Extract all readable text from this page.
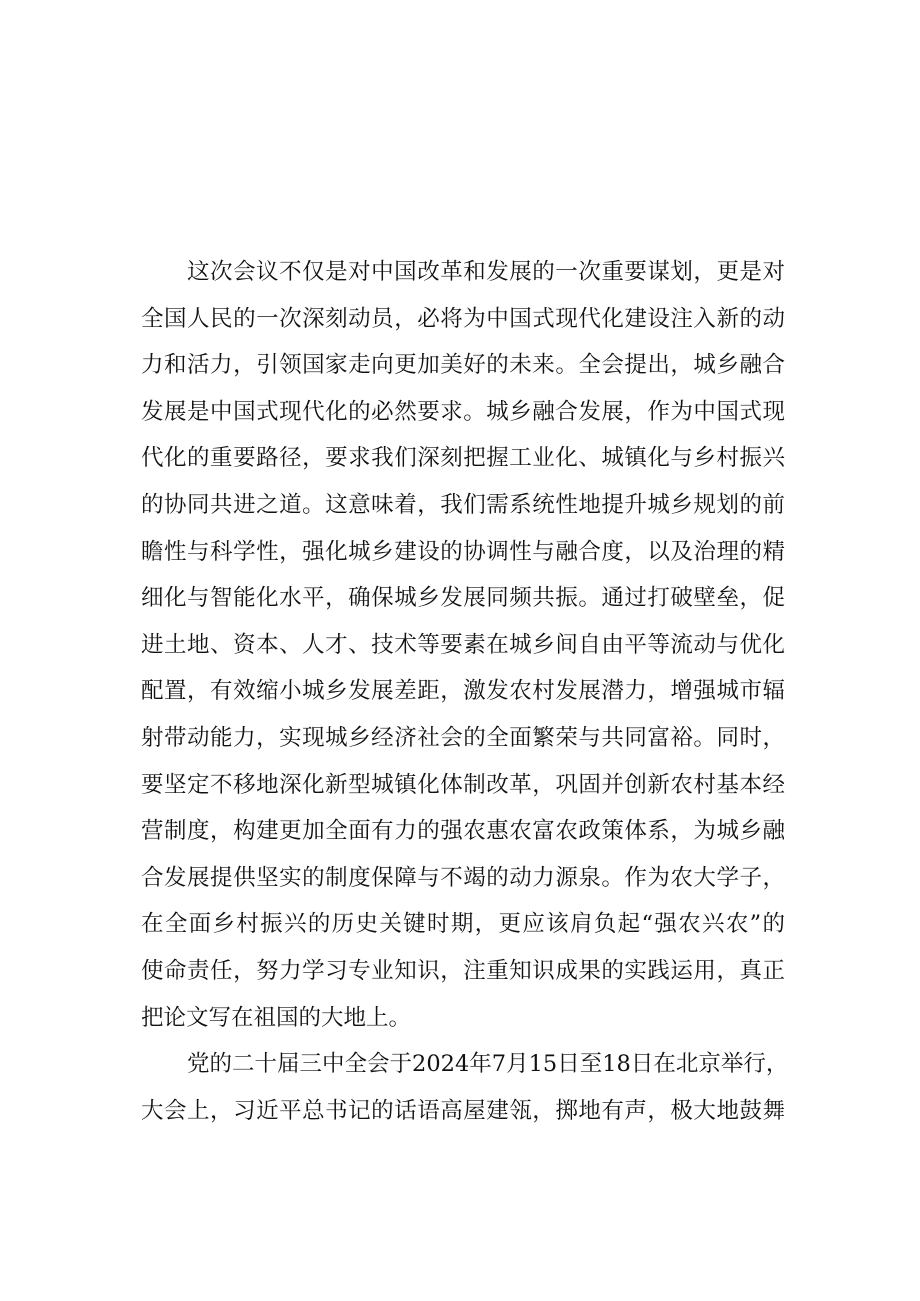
这次会议不仅是对中国改革和发展的一次重要谋划，更是对
全国人民的一次深刻动员，必将为中国式现代化建设注入新的动
力和活力，引领国家走向更加美好的未来。全会提出，城乡融合
发展是中国式现代化的必然要求。城乡融合发展，作为中国式现
代化的重要路径，要求我们深刻把握工业化、城镇化与乡村振兴
的协同共进之道。这意味着，我们需系统性地提升城乡规划的前
瞻性与科学性，强化城乡建设的协调性与融合度，以及治理的精
细化与智能化水平，确保城乡发展同频共振。通过打破壁垒，促
进土地、资本、人才、技术等要素在城乡间自由平等流动与优化
配置，有效缩小城乡发展差距，激发农村发展潜力，增强城市辐
射带动能力，实现城乡经济社会的全面繁荣与共同富裕。同时，
要坚定不移地深化新型城镇化体制改革，巩固并创新农村基本经
营制度，构建更加全面有力的强农惠农富农政策体系，为城乡融
合发展提供坚实的制度保障与不竭的动力源泉。作为农大学子，
在全面乡村振兴的历史关键时期，更应该肩负起“强农兴农”的
使命责任，努力学习专业知识，注重知识成果的实践运用，真正
把论文写在祖国的大地上。
党的二十届三中全会于2024年7月15日至18日在北京举行，
大会上，习近平总书记的话语高屋建瓴，掷地有声，极大地鼓舞
